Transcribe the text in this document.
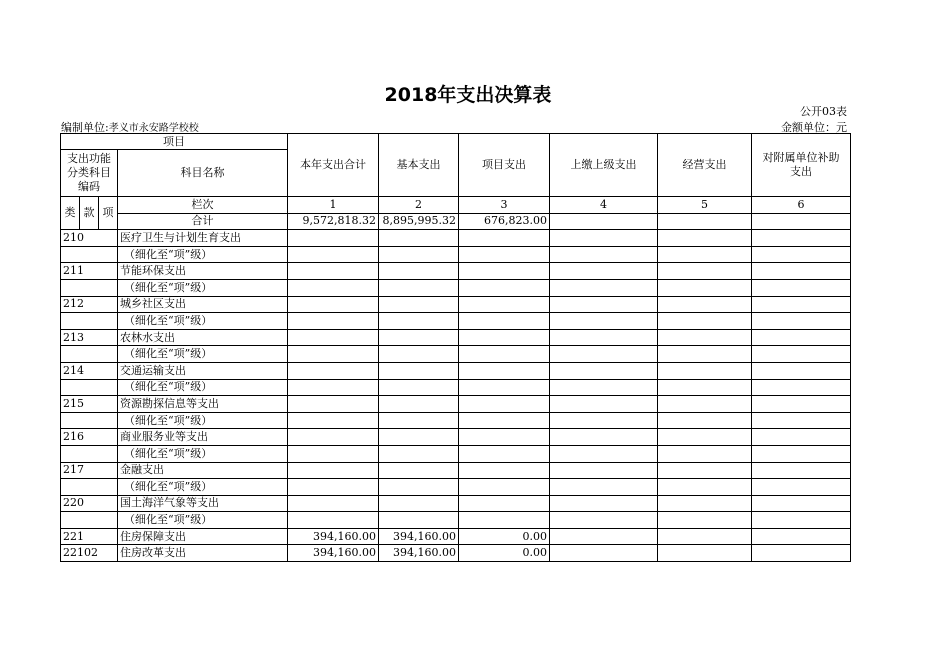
2018年支出决算表
公开03表
编制单位:孝义市永安路学校校	金额单位：元
项目				本年支出合计	基本支出	项目支出	上缴上级支出	经营支出	对附属单位补助支出
支出功能分类科目编码			科目名称						

类	款	项	栏次	1	2	3	4	5	6
			合计	9,572,818.32	8,895,995.32	676,823.00			
210			医疗卫生与计划生育支出						
			（细化至“项”级）						
211			节能环保支出						
			（细化至“项”级）						
212			城乡社区支出						
			（细化至“项”级）						
213			农林水支出						
			（细化至“项”级）						
214			交通运输支出						
			（细化至“项”级）						
215			资源勘探信息等支出						
			（细化至“项”级）						
216			商业服务业等支出						
			（细化至“项”级）						
217			金融支出						
			（细化至“项”级）						
220			国土海洋气象等支出						
			（细化至“项”级）						
221			住房保障支出	394,160.00	394,160.00	0.00			
22102			住房改革支出	394,160.00	394,160.00	0.00			
